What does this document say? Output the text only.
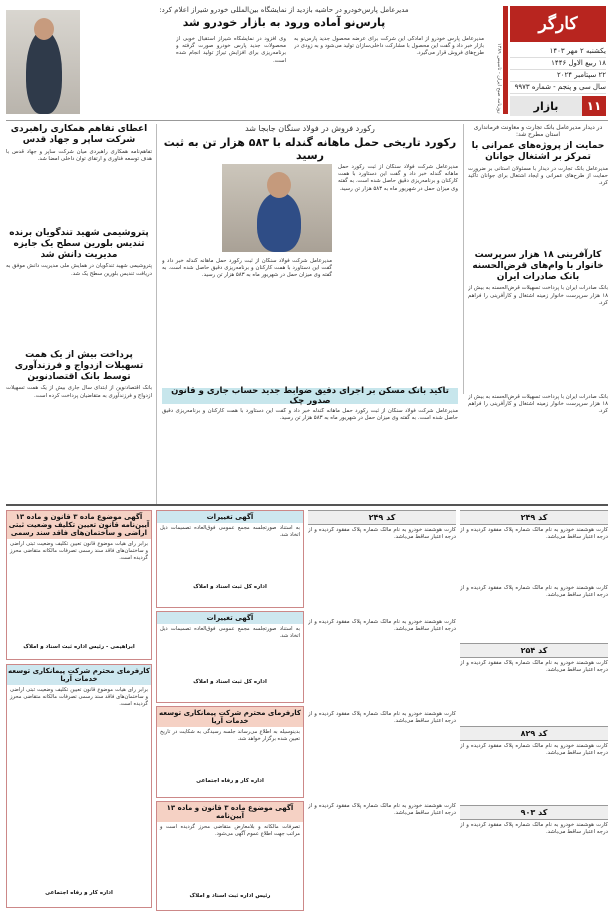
کارگر
یکشنبه ۲ مهر ۱۴۰۳
۱۸ ربیع الاول ۱۴۴۶
۲۲ سپتامبر ۲۰۲۴
سال سی و پنجم - شماره ۹۹۷۳
۱۱
بازار
روزنامه صبح ایران - تاسیس ۱۳۸۹
مدیرعامل پارس‌خودرو در حاشیه بازدید از نمایشگاه بین‌المللی خودرو شیراز اعلام کرد:
پارس‌نو آماده ورود به بازار خودرو شد
مدیرعامل پارس خودرو از آمادگی این شرکت برای عرضه محصول جدید پارس‌نو به بازار خبر داد و گفت این محصول با مشارکت داخلی‌سازان تولید می‌شود و به زودی در طرح‌های فروش قرار می‌گیرد.
وی افزود در نمایشگاه شیراز استقبال خوبی از محصولات جدید پارس خودرو صورت گرفته و برنامه‌ریزی برای افزایش تیراژ تولید انجام شده است.
در دیدار مدیرعامل بانک تجارت و معاونت فرمانداری استان مطرح شد:
حمایت از پروژه‌های عمرانی با تمرکز بر اشتغال جوانان
مدیرعامل بانک تجارت در دیدار با مسئولان استانی بر ضرورت حمایت از طرح‌های عمرانی و ایجاد اشتغال برای جوانان تأکید کرد.
کارآفرینی ۱۸ هزار سرپرست خانوار با وام‌های قرض‌الحسنه بانک صادرات ایران
بانک صادرات ایران با پرداخت تسهیلات قرض‌الحسنه به بیش از ۱۸ هزار سرپرست خانوار زمینه اشتغال و کارآفرینی را فراهم کرد.
رکورد فروش در فولاد سنگان جابجا شد
رکورد تاریخی حمل ماهانه گندله با ۵۸۳ هزار تن به ثبت رسید
مدیرعامل شرکت فولاد سنگان از ثبت رکورد حمل ماهانه گندله خبر داد و گفت این دستاورد با همت کارکنان و برنامه‌ریزی دقیق حاصل شده است. به گفته وی میزان حمل در شهریور ماه به ۵۸۳ هزار تن رسید.
مدیرعامل شرکت فولاد سنگان از ثبت رکورد حمل ماهانه گندله خبر داد و گفت این دستاورد با همت کارکنان و برنامه‌ریزی دقیق حاصل شده است. به گفته وی میزان حمل در شهریور ماه به ۵۸۳ هزار تن رسید.
اعطای تفاهم همکاری راهبردی شرکت ساپر و جهاد قدس
تفاهم‌نامه همکاری راهبردی میان شرکت ساپر و جهاد قدس با هدف توسعه فناوری و ارتقای توان داخلی امضا شد.
پتروشیمی شهید تندگویان برنده تندیس بلورین سطح یک جایزه مدیریت دانش شد
پتروشیمی شهید تندگویان در همایش ملی مدیریت دانش موفق به دریافت تندیس بلورین سطح یک شد.
پرداخت بیش از یک همت تسهیلات ازدواج و فرزندآوری توسط بانک اقتصادنوین
بانک اقتصادنوین از ابتدای سال جاری بیش از یک همت تسهیلات ازدواج و فرزندآوری به متقاضیان پرداخت کرده است.	تاکید بانک مسکن بر اجرای دقیق ضوابط جدید حساب جاری و قانون صدور چک
مدیرعامل شرکت فولاد سنگان از ثبت رکورد حمل ماهانه گندله خبر داد و گفت این دستاورد با همت کارکنان و برنامه‌ریزی دقیق حاصل شده است. به گفته وی میزان حمل در شهریور ماه به ۵۸۳ هزار تن رسید.
بانک صادرات ایران با پرداخت تسهیلات قرض‌الحسنه به بیش از ۱۸ هزار سرپرست خانوار زمینه اشتغال و کارآفرینی را فراهم کرد.
کد ۲۴۹
کارت هوشمند خودرو به نام مالک شماره پلاک مفقود گردیده و از درجه اعتبار ساقط می‌باشد.
کارت هوشمند خودرو به نام مالک شماره پلاک مفقود گردیده و از درجه اعتبار ساقط می‌باشد.
کد ۲۵۴
کارت هوشمند خودرو به نام مالک شماره پلاک مفقود گردیده و از درجه اعتبار ساقط می‌باشد.
کد ۸۲۹
کارت هوشمند خودرو به نام مالک شماره پلاک مفقود گردیده و از درجه اعتبار ساقط می‌باشد.
کد ۹۰۳
کارت هوشمند خودرو به نام مالک شماره پلاک مفقود گردیده و از درجه اعتبار ساقط می‌باشد.
کد ۲۴۹
کارت هوشمند خودرو به نام مالک شماره پلاک مفقود گردیده و از درجه اعتبار ساقط می‌باشد.
کارت هوشمند خودرو به نام مالک شماره پلاک مفقود گردیده و از درجه اعتبار ساقط می‌باشد.
کارت هوشمند خودرو به نام مالک شماره پلاک مفقود گردیده و از درجه اعتبار ساقط می‌باشد.
کارت هوشمند خودرو به نام مالک شماره پلاک مفقود گردیده و از درجه اعتبار ساقط می‌باشد.
آگهی تغییرات
به استناد صورتجلسه مجمع عمومی فوق‌العاده تصمیمات ذیل اتخاذ شد.
اداره کل ثبت اسناد و املاک
آگهی تغییرات
به استناد صورتجلسه مجمع عمومی فوق‌العاده تصمیمات ذیل اتخاذ شد.
اداره کل ثبت اسناد و املاک
کارفرمای محترم شرکت پیمانکاری توسعه خدمات آریا
بدینوسیله به اطلاع می‌رساند جلسه رسیدگی به شکایت در تاریخ تعیین شده برگزار خواهد شد.
اداره کار و رفاه اجتماعی
آگهی موضوع ماده ۳ قانون و ماده ۱۳ آیین‌نامه
تصرفات مالکانه و بلامعارض متقاضی محرز گردیده است و مراتب جهت اطلاع عموم آگهی می‌شود.
رئیس اداره ثبت اسناد و املاک
آگهی موضوع ماده ۳ قانون و ماده ۱۳ آیین‌نامه قانون تعیین تکلیف وضعیت ثبتی اراضی و ساختمان‌های فاقد سند رسمی
برابر رای هیات موضوع قانون تعیین تکلیف وضعیت ثبتی اراضی و ساختمان‌های فاقد سند رسمی تصرفات مالکانه متقاضی محرز گردیده است.
ابراهیمی - رئیس اداره ثبت اسناد و املاک
کارفرمای محترم شرکت پیمانکاری توسعه خدمات آریا
برابر رای هیات موضوع قانون تعیین تکلیف وضعیت ثبتی اراضی و ساختمان‌های فاقد سند رسمی تصرفات مالکانه متقاضی محرز گردیده است.
اداره کار و رفاه اجتماعی
